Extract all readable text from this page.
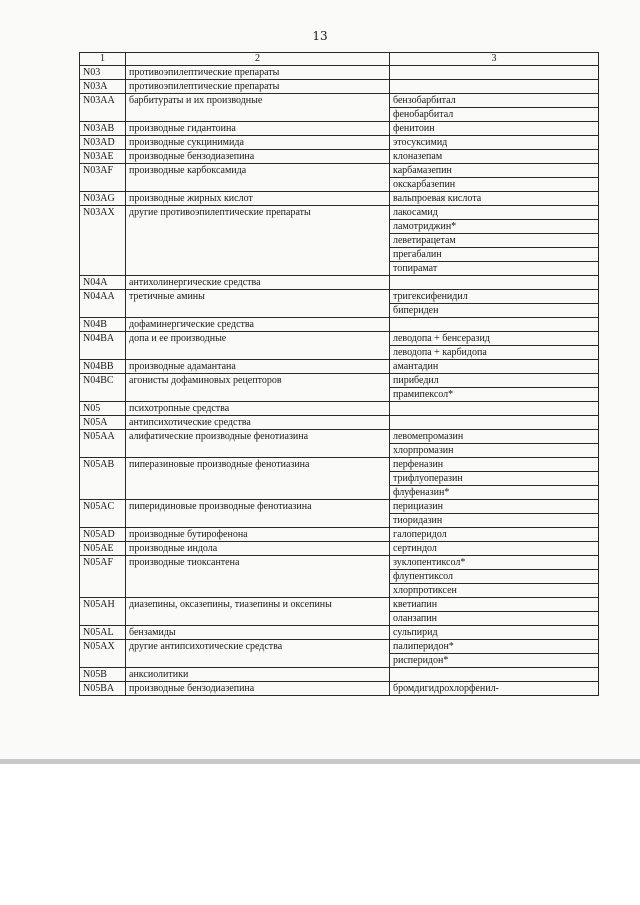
13
1	2	3
N03	противоэпилептические препараты	
N03A	противоэпилептические препараты	
N03AA	барбитураты и их производные	бензобарбитал
		фенобарбитал
N03AB	производные гидантоина	фенитоин
N03AD	производные сукцинимида	этосуксимид
N03AE	производные бензодиазепина	клоназепам
N03AF	производные карбоксамида	карбамазепин
		окскарбазепин
N03AG	производные жирных кислот	вальпроевая кислота
N03AX	другие противоэпилептические препараты	лакосамид
		ламотриджин*
		леветирацетам
		прегабалин
		топирамат
N04A	антихолинергические средства	
N04AA	третичные амины	тригексифенидил
		бипериден
N04B	дофаминергические средства	
N04BA	допа и ее производные	леводопа + бенсеразид
		леводопа + карбидопа
N04BB	производные адамантана	амантадин
N04BC	агонисты дофаминовых рецепторов	пирибедил
		прамипексол*
N05	психотропные средства	
N05A	антипсихотические средства	
N05AA	алифатические производные фенотиазина	левомепромазин
		хлорпромазин
N05AB	пиперазиновые производные фенотиазина	перфеназин
		трифлуоперазин
		флуфеназин*
N05AC	пиперидиновые производные фенотиазина	перициазин
		тиоридазин
N05AD	производные бутирофенона	галоперидол
N05AE	производные индола	сертиндол
N05AF	производные тиоксантена	зуклопентиксол*
		флупентиксол
		хлорпротиксен
N05AH	диазепины, оксазепины, тиазепины и оксепины	кветиапин
		оланзапин
N05AL	бензамиды	сульпирид
N05AX	другие антипсихотические средства	палиперидон*
		рисперидон*
N05B	анксиолитики	
N05BA	производные бензодиазепина	бромдигидрохлорфенил-
